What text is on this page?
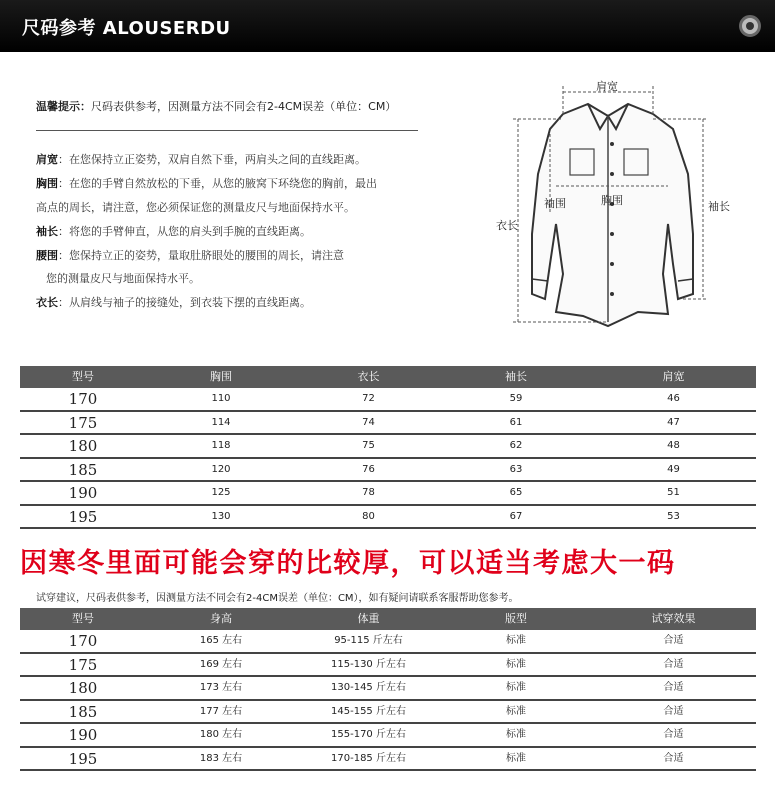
尺码参考 ALOUSERDU
温馨提示：尺码表供参考，因测量方法不同会有2-4CM误差（单位：CM）
肩宽：在您保持立正姿势，双肩自然下垂，两肩头之间的直线距离。
胸围：在您的手臂自然放松的下垂，从您的腋窝下环绕您的胸前，最出
高点的周长，请注意，您必须保证您的测量皮尺与地面保持水平。
袖长：将您的手臂伸直，从您的肩头到手腕的直线距离。
腰围：您保持立正的姿势，量取肚脐眼处的腰围的周长，请注意
您的测量皮尺与地面保持水平。
衣长：从肩线与袖子的接缝处，到衣装下摆的直线距离。
肩宽
袖围	胸围	袖长
衣长
型号	胸围	衣长	袖长	肩宽
170	110	72	59	46
175	114	74	61	47
180	118	75	62	48
185	120	76	63	49
190	125	78	65	51
195	130	80	67	53
因寒冬里面可能会穿的比较厚，可以适当考虑大一码
试穿建议，尺码表供参考，因测量方法不同会有2-4CM误差（单位：CM），如有疑问请联系客服帮助您参考。
型号	身高	体重	版型	试穿效果
170	165 左右	95-115 斤左右	标准	合适
175	169 左右	115-130 斤左右	标准	合适
180	173 左右	130-145 斤左右	标准	合适
185	177 左右	145-155 斤左右	标准	合适
190	180 左右	155-170 斤左右	标准	合适
195	183 左右	170-185 斤左右	标准	合适
